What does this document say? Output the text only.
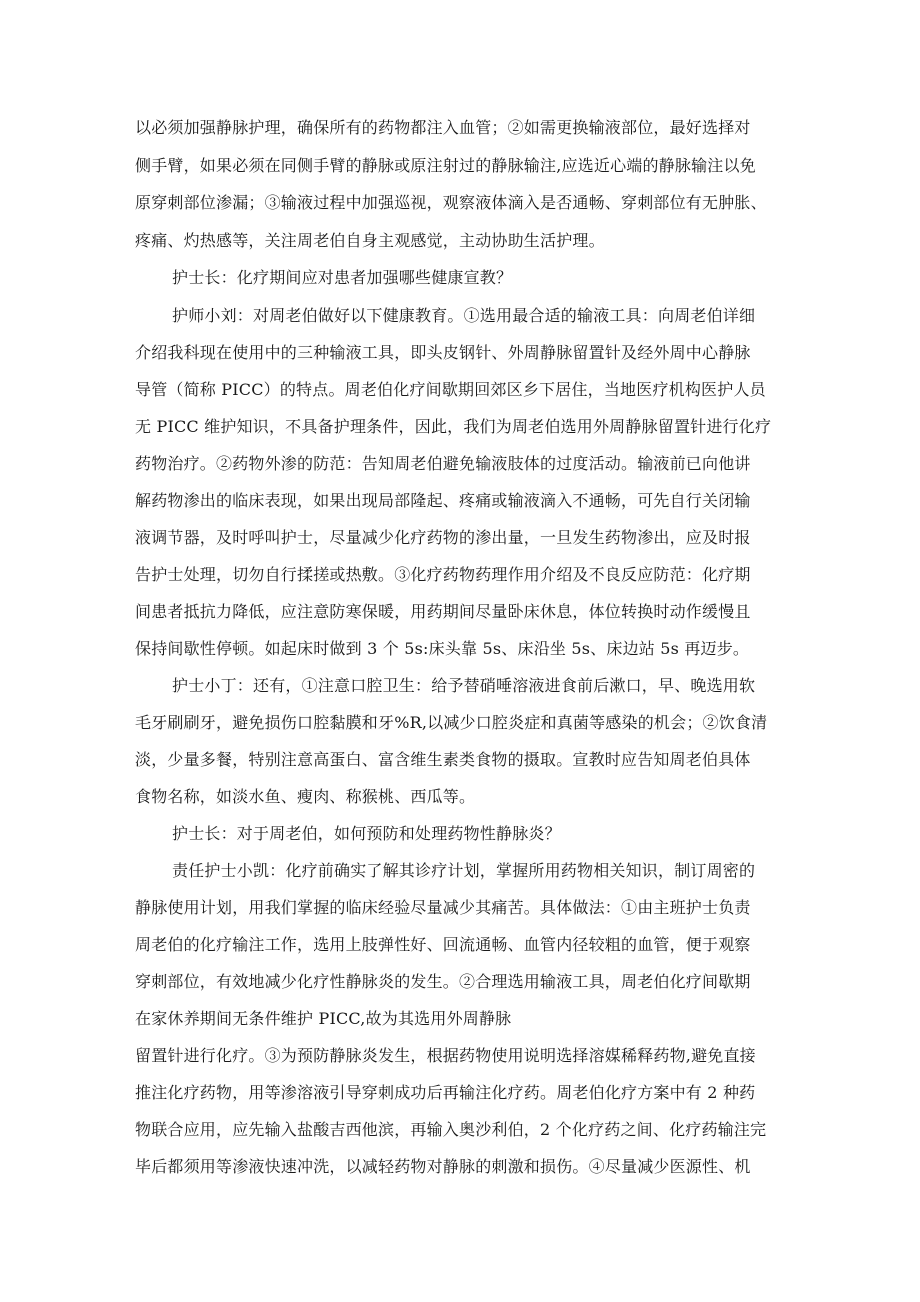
以必须加强静脉护理，确保所有的药物都注入血管；②如需更换输液部位，最好选择对
侧手臂，如果必须在同侧手臂的静脉或原注射过的静脉输注,应选近心端的静脉输注以免
原穿刺部位渗漏；③输液过程中加强巡视，观察液体滴入是否通畅、穿刺部位有无肿胀、
疼痛、灼热感等，关注周老伯自身主观感觉，主动协助生活护理。
护士长：化疗期间应对患者加强哪些健康宣教？
护师小刘：对周老伯做好以下健康教育。①选用最合适的输液工具：向周老伯详细
介绍我科现在使用中的三种输液工具，即头皮钢针、外周静脉留置针及经外周中心静脉
导管（简称 PICC）的特点。周老伯化疗间歇期回郊区乡下居住，当地医疗机构医护人员
无 PICC 维护知识，不具备护理条件，因此，我们为周老伯选用外周静脉留置针进行化疗
药物治疗。②药物外渗的防范：告知周老伯避免输液肢体的过度活动。输液前已向他讲
解药物渗出的临床表现，如果出现局部隆起、疼痛或输液滴入不通畅，可先自行关闭输
液调节器，及时呼叫护士，尽量减少化疗药物的渗出量，一旦发生药物渗出，应及时报
告护士处理，切勿自行揉搓或热敷。③化疗药物药理作用介绍及不良反应防范：化疗期
间患者抵抗力降低，应注意防寒保暖，用药期间尽量卧床休息，体位转换时动作缓慢且
保持间歇性停顿。如起床时做到 3 个 5s:床头靠 5s、床沿坐 5s、床边站 5s 再迈步。
护士小丁：还有，①注意口腔卫生：给予替硝唾溶液进食前后漱口，早、晚选用软
毛牙刷刷牙，避免损伤口腔黏膜和牙%R,以减少口腔炎症和真菌等感染的机会；②饮食清
淡，少量多餐，特别注意高蛋白、富含维生素类食物的摄取。宣教时应告知周老伯具体
食物名称，如淡水鱼、瘦肉、称猴桃、西瓜等。
护士长：对于周老伯，如何预防和处理药物性静脉炎？
责任护士小凯：化疗前确实了解其诊疗计划，掌握所用药物相关知识，制订周密的
静脉使用计划，用我们掌握的临床经验尽量减少其痛苦。具体做法：①由主班护士负责
周老伯的化疗输注工作，选用上肢弹性好、回流通畅、血管内径较粗的血管，便于观察
穿刺部位，有效地减少化疗性静脉炎的发生。②合理选用输液工具，周老伯化疗间歇期
在家休养期间无条件维护 PICC,故为其选用外周静脉
留置针进行化疗。③为预防静脉炎发生，根据药物使用说明选择溶媒稀释药物,避免直接
推注化疗药物，用等渗溶液引导穿刺成功后再输注化疗药。周老伯化疗方案中有 2 种药
物联合应用，应先输入盐酸吉西他滨，再输入奥沙利伯，2 个化疗药之间、化疗药输注完
毕后都须用等渗液快速冲洗，以减轻药物对静脉的刺激和损伤。④尽量减少医源性、机
